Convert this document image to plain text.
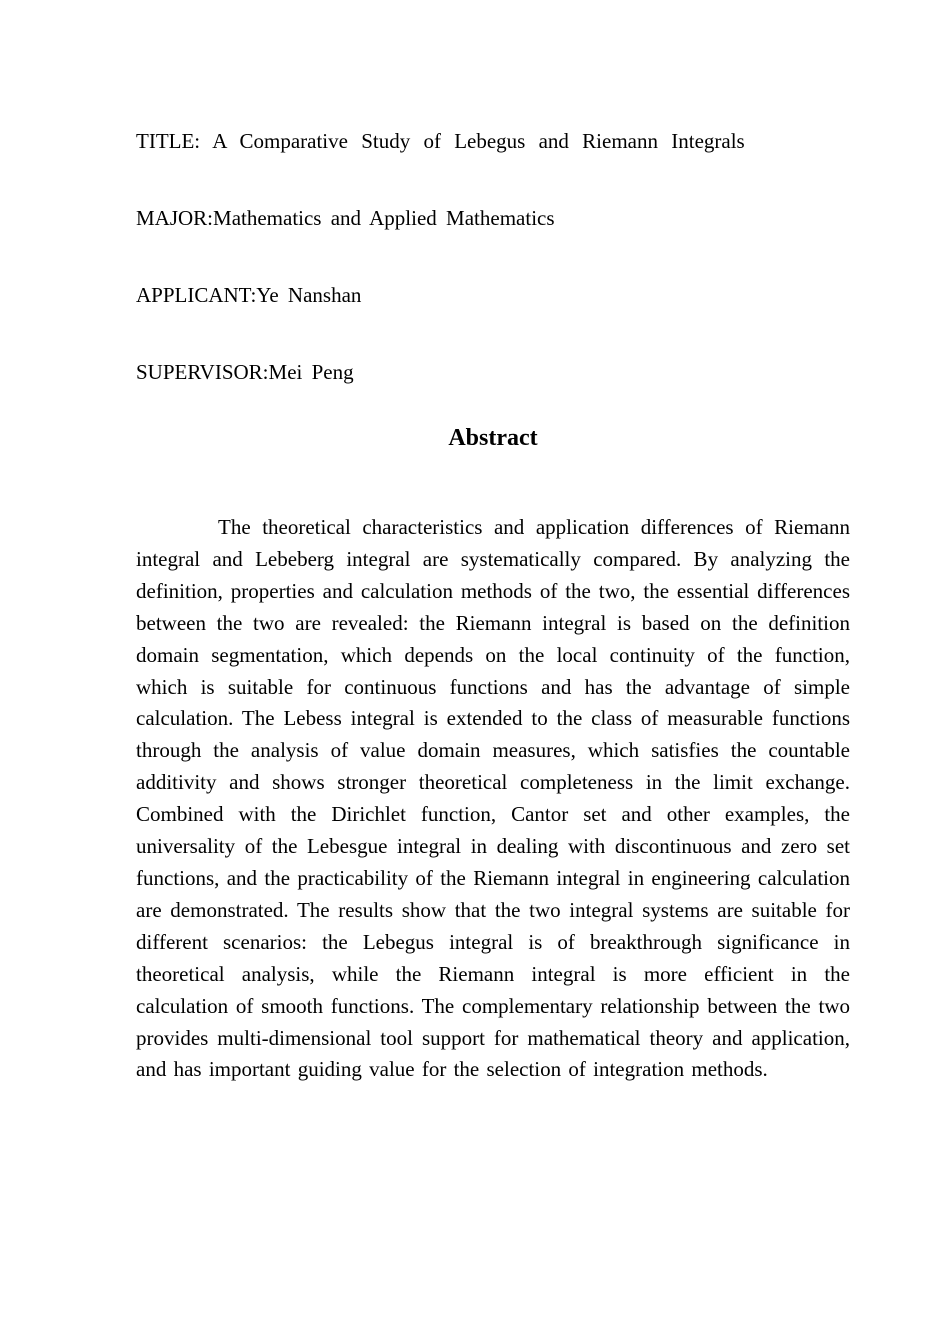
TITLE: A Comparative Study of Lebegus and Riemann Integrals
MAJOR:Mathematics and Applied Mathematics
APPLICANT:Ye Nanshan
SUPERVISOR:Mei Peng
Abstract

The theoretical characteristics and application differences of Riemann integral and Lebeberg integral are systematically compared. By analyzing the definition, properties and calculation methods of the two, the essential differences between the two are revealed: the Riemann integral is based on the definition domain segmentation, which depends on the local continuity of the function, which is suitable for continuous functions and has the advantage of simple calculation. The Lebess integral is extended to the class of measurable functions through the analysis of value domain measures, which satisfies the countable additivity and shows stronger theoretical completeness in the limit exchange. Combined with the Dirichlet function, Cantor set and other examples, the universality of the Lebesgue integral in dealing with discontinuous and zero set functions, and the practicability of the Riemann integral in engineering calculation are demonstrated. The results show that the two integral systems are suitable for different scenarios: the Lebegus integral is of breakthrough significance in theoretical analysis, while the Riemann integral is more efficient in the calculation of smooth functions. The complementary relationship between the two provides multi-dimensional tool support for mathematical theory and application, and has important guiding value for the selection of integration methods.
